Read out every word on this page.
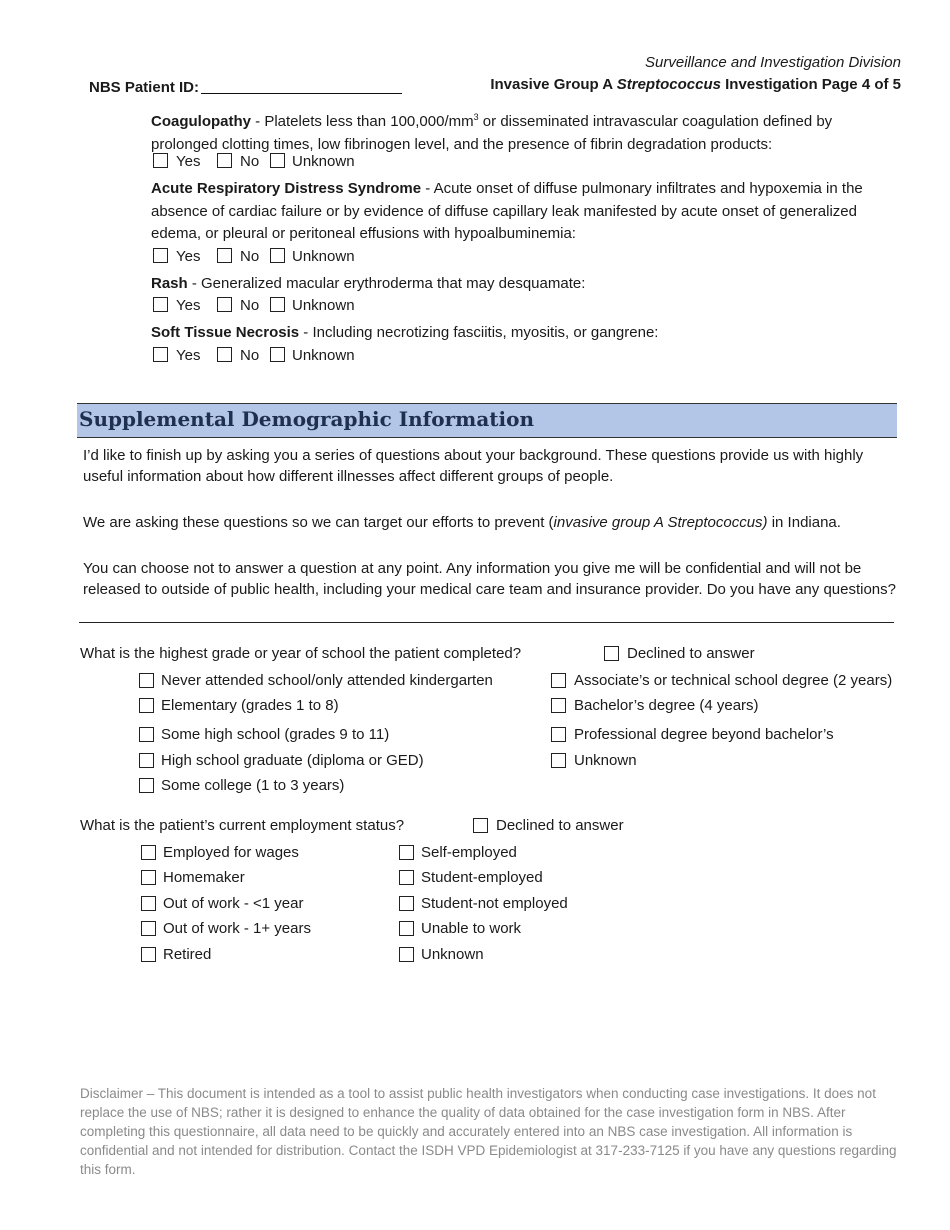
Surveillance and Investigation Division
Invasive Group A Streptococcus Investigation Page 4 of 5
NBS Patient ID:
Coagulopathy - Platelets less than $100,000/mm^3$ or disseminated intravascular coagulation defined by prolonged clotting times, low fibrinogen level, and the presence of fibrin degradation products:
Yes	No Unknown
Acute Respiratory Distress Syndrome - Acute onset of diffuse pulmonary infiltrates and hypoxemia in the absence of cardiac failure or by evidence of diffuse capillary leak manifested by acute onset of generalized edema, or pleural or peritoneal effusions with hypoalbuminemia:
Yes	No Unknown
Rash - Generalized macular erythroderma that may desquamate:
Yes	No Unknown
Soft Tissue Necrosis - Including necrotizing fasciitis, myositis, or gangrene:
Yes	No Unknown
Supplemental Demographic Information
I’d like to finish up by asking you a series of questions about your background. These questions provide us with highly useful information about how different illnesses affect different groups of people.
We are asking these questions so we can target our efforts to prevent (invasive group A Streptococcus) in Indiana.
You can choose not to answer a question at any point. Any information you give me will be confidential and will not be released to outside of public health, including your medical care team and insurance provider. Do you have any questions?
What is the highest grade or year of school the patient completed?	Declined to answer
Never attended school/only attended kindergarten
Elementary (grades 1 to 8)
Some high school (grades 9 to 11)
High school graduate (diploma or GED)
Some college (1 to 3 years)
Associate’s or technical school degree (2 years)
Bachelor’s degree (4 years)
Professional degree beyond bachelor’s
Unknown
What is the patient’s current employment status?	Declined to answer
Employed for wages
Homemaker
Out of work - <1 year
Out of work - 1+ years
Retired
Self-employed
Student-employed
Student-not employed
Unable to work
Unknown
Disclaimer – This document is intended as a tool to assist public health investigators when conducting case investigations. It does not replace the use of NBS; rather it is designed to enhance the quality of data obtained for the case investigation form in NBS. After completing this questionnaire, all data need to be quickly and accurately entered into an NBS case investigation. All information is confidential and not intended for distribution. Contact the ISDH VPD Epidemiologist at 317-233-7125 if you have any questions regarding this form.
